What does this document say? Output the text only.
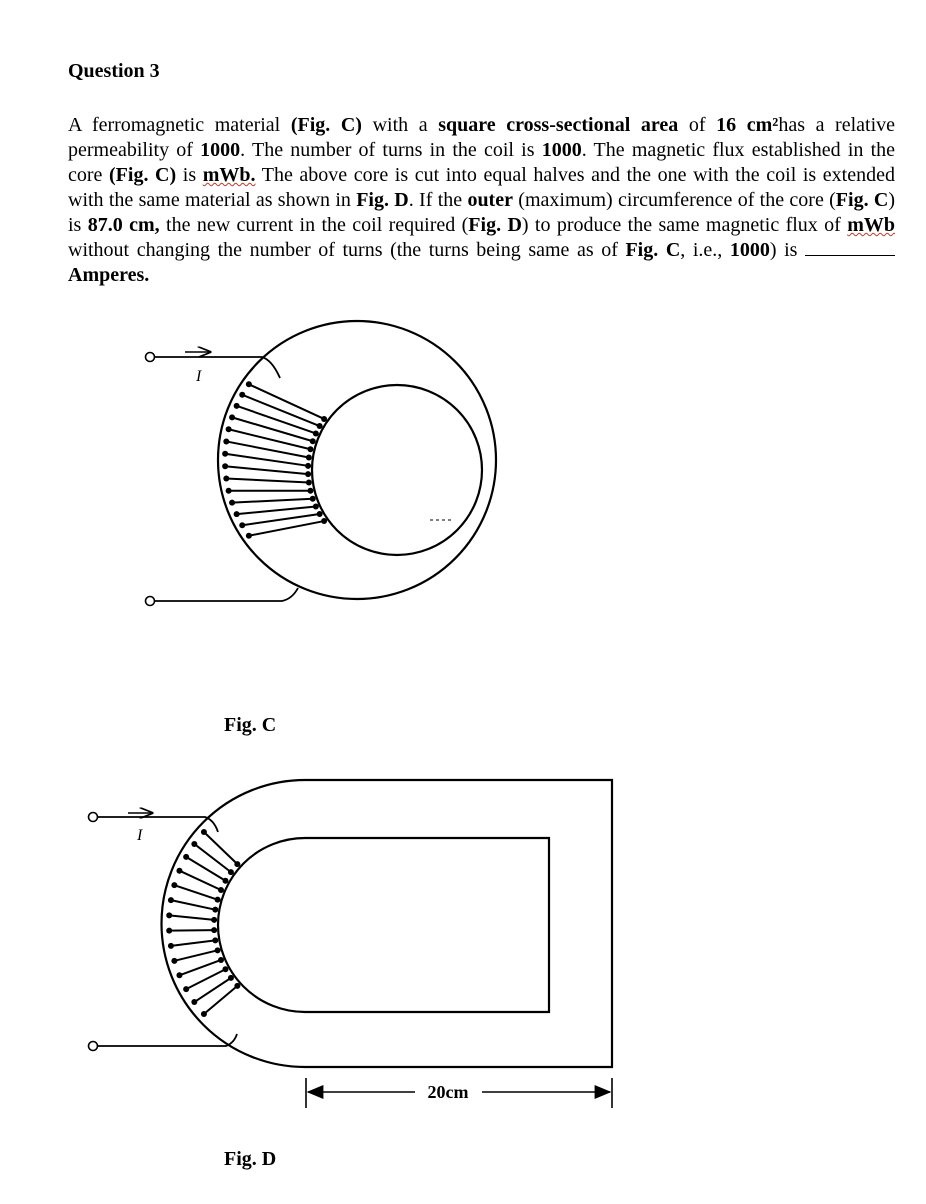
Question 3
A ferromagnetic material (Fig. C) with a square cross-sectional area of 16 cm²has a relative permeability of 1000. The number of turns in the coil is 1000. The magnetic flux established in the core (Fig. C) is mWb. The above core is cut into equal halves and the one with the coil is extended with the same material as shown in Fig. D. If the outer (maximum) circumference of the core (Fig. C) is 87.0 cm, the new current in the coil required (Fig. D) to produce the same magnetic flux of mWb without changing the number of turns (the turns being same as of Fig. C, i.e., 1000) is  Amperes.
I
I
20cm
Fig. C
Fig. D
